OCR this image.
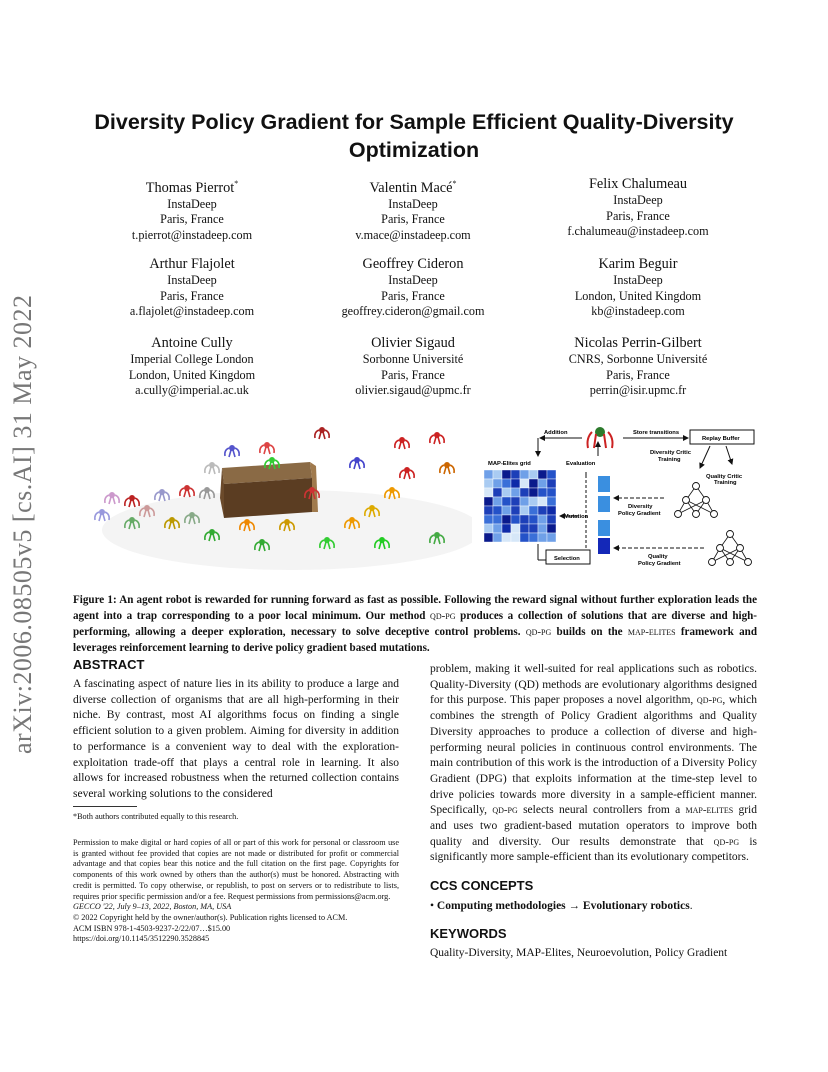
arXiv:2006.08505v5 [cs.AI] 31 May 2022
Diversity Policy Gradient for Sample Efficient Quality-Diversity
Optimization
Thomas Pierrot*
InstaDeep
Paris, France
t.pierrot@instadeep.com
Valentin Macé*
InstaDeep
Paris, France
v.mace@instadeep.com
Felix Chalumeau
InstaDeep
Paris, France
f.chalumeau@instadeep.com
Arthur Flajolet
InstaDeep
Paris, France
a.flajolet@instadeep.com
Geoffrey Cideron
InstaDeep
Paris, France
geoffrey.cideron@gmail.com
Karim Beguir
InstaDeep
London, United Kingdom
kb@instadeep.com
Antoine Cully
Imperial College London
London, United Kingdom
a.cully@imperial.ac.uk
Olivier Sigaud
Sorbonne Université
Paris, France
olivier.sigaud@upmc.fr
Nicolas Perrin-Gilbert
CNRS, Sorbonne Université
Paris, France
perrin@isir.upmc.fr
Addition	Store transitions
Replay Buffer
MAP-Elites grid	Evaluation
Diversity Critic Training
Quality Critic Training
Mutation
Selection
Diversity Policy Gradient
Quality Policy Gradient
Figure 1: An agent robot is rewarded for running forward as fast as possible. Following the reward signal without further exploration leads the agent into a trap corresponding to a poor local minimum. Our method qd-pg produces a collection of solutions that are diverse and high-performing, allowing a deeper exploration, necessary to solve deceptive control problems. qd-pg builds on the map-elites framework and leverages reinforcement learning to derive policy gradient based mutations.
ABSTRACT
A fascinating aspect of nature lies in its ability to produce a large and diverse collection of organisms that are all high-performing in their niche. By contrast, most AI algorithms focus on finding a single efficient solution to a given problem. Aiming for diversity in addition to performance is a convenient way to deal with the exploration-exploitation trade-off that plays a central role in learning. It also allows for increased robustness when the returned collection contains several working solutions to the considered
*Both authors contributed equally to this research.
Permission to make digital or hard copies of all or part of this work for personal or classroom use is granted without fee provided that copies are not made or distributed for profit or commercial advantage and that copies bear this notice and the full citation on the first page. Copyrights for components of this work owned by others than the author(s) must be honored. Abstracting with credit is permitted. To copy otherwise, or republish, to post on servers or to redistribute to lists, requires prior specific permission and/or a fee. Request permissions from permissions@acm.org.
GECCO '22, July 9–13, 2022, Boston, MA, USA
© 2022 Copyright held by the owner/author(s). Publication rights licensed to ACM.
ACM ISBN 978-1-4503-9237-2/22/07…$15.00
https://doi.org/10.1145/3512290.3528845
problem, making it well-suited for real applications such as robotics. Quality-Diversity (QD) methods are evolutionary algorithms designed for this purpose. This paper proposes a novel algorithm, qd-pg, which combines the strength of Policy Gradient algorithms and Quality Diversity approaches to produce a collection of diverse and high-performing neural policies in continuous control environments. The main contribution of this work is the introduction of a Diversity Policy Gradient (DPG) that exploits information at the time-step level to drive policies towards more diversity in a sample-efficient manner. Specifically, qd-pg selects neural controllers from a map-elites grid and uses two gradient-based mutation operators to improve both quality and diversity. Our results demonstrate that qd-pg is significantly more sample-efficient than its evolutionary competitors.
CCS CONCEPTS
• Computing methodologies → Evolutionary robotics.
KEYWORDS
Quality-Diversity, MAP-Elites, Neuroevolution, Policy Gradient
